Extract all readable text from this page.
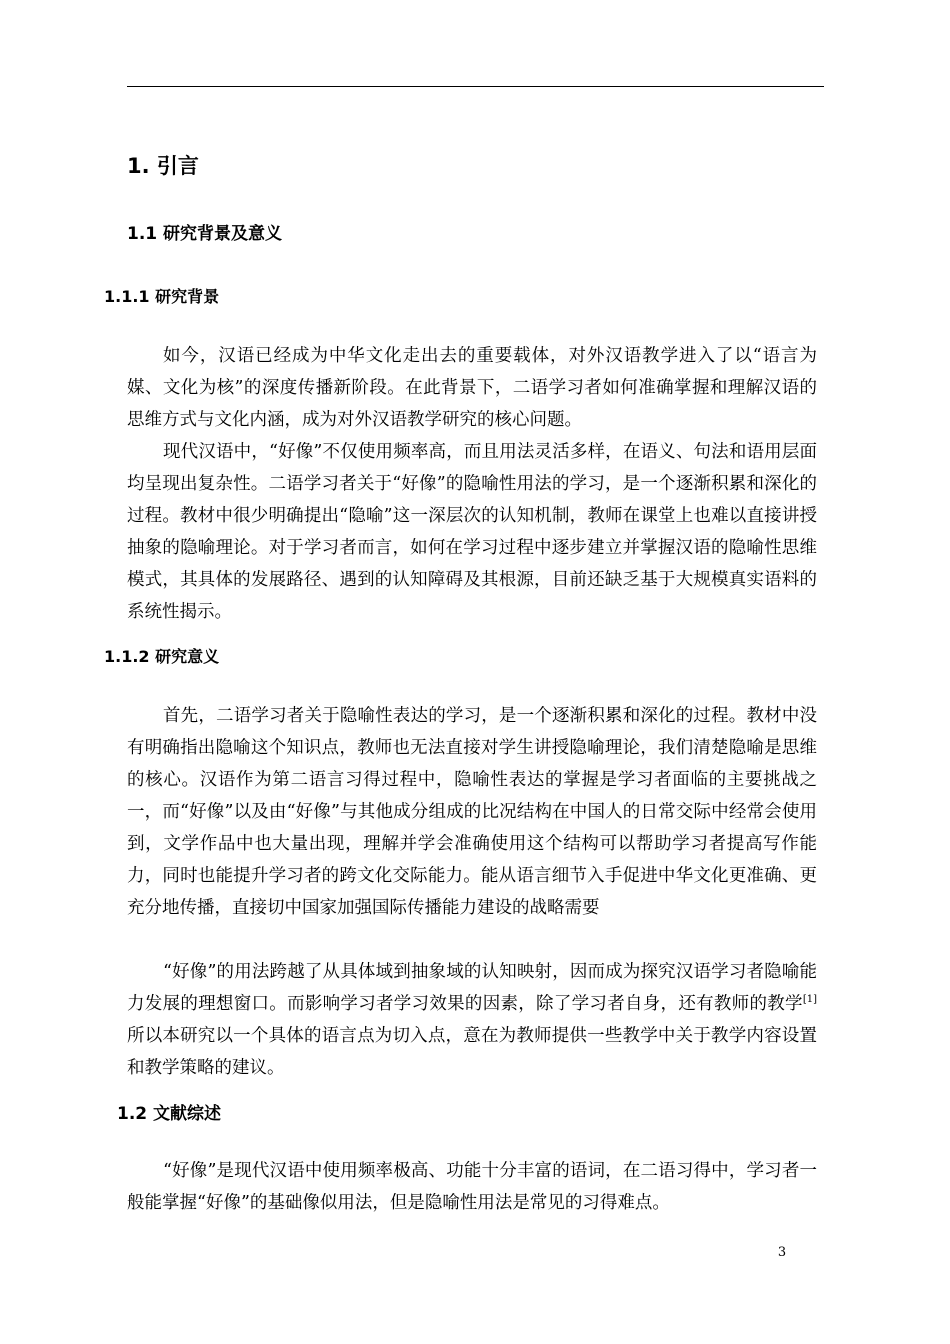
1. 引言
1.1 研究背景及意义
1.1.1 研究背景

如今，汉语已经成为中华文化走出去的重要载体，对外汉语教学进入了以“语言为媒、文化为核”的深度传播新阶段。在此背景下，二语学习者如何准确掌握和理解汉语的思维方式与文化内涵，成为对外汉语教学研究的核心问题。

现代汉语中，“好像”不仅使用频率高，而且用法灵活多样，在语义、句法和语用层面均呈现出复杂性。二语学习者关于“好像”的隐喻性用法的学习，是一个逐渐积累和深化的过程。教材中很少明确提出“隐喻”这一深层次的认知机制，教师在课堂上也难以直接讲授抽象的隐喻理论。对于学习者而言，如何在学习过程中逐步建立并掌握汉语的隐喻性思维模式，其具体的发展路径、遇到的认知障碍及其根源，目前还缺乏基于大规模真实语料的系统性揭示。

1.1.2 研究意义

首先，二语学习者关于隐喻性表达的学习，是一个逐渐积累和深化的过程。教材中没有明确指出隐喻这个知识点，教师也无法直接对学生讲授隐喻理论，我们清楚隐喻是思维的核心。汉语作为第二语言习得过程中，隐喻性表达的掌握是学习者面临的主要挑战之一，而“好像”以及由“好像”与其他成分组成的比况结构在中国人的日常交际中经常会使用到，文学作品中也大量出现，理解并学会准确使用这个结构可以帮助学习者提高写作能力，同时也能提升学习者的跨文化交际能力。能从语言细节入手促进中华文化更准确、更充分地传播，直接切中国家加强国际传播能力建设的战略需要

“好像”的用法跨越了从具体域到抽象域的认知映射，因而成为探究汉语学习者隐喻能力发展的理想窗口。而影响学习者学习效果的因素，除了学习者自身，还有教师的教学[1]所以本研究以一个具体的语言点为切入点，意在为教师提供一些教学中关于教学内容设置和教学策略的建议。

1.2 文献综述

“好像”是现代汉语中使用频率极高、功能十分丰富的语词，在二语习得中，学习者一般能掌握“好像”的基础像似用法，但是隐喻性用法是常见的习得难点。

3
